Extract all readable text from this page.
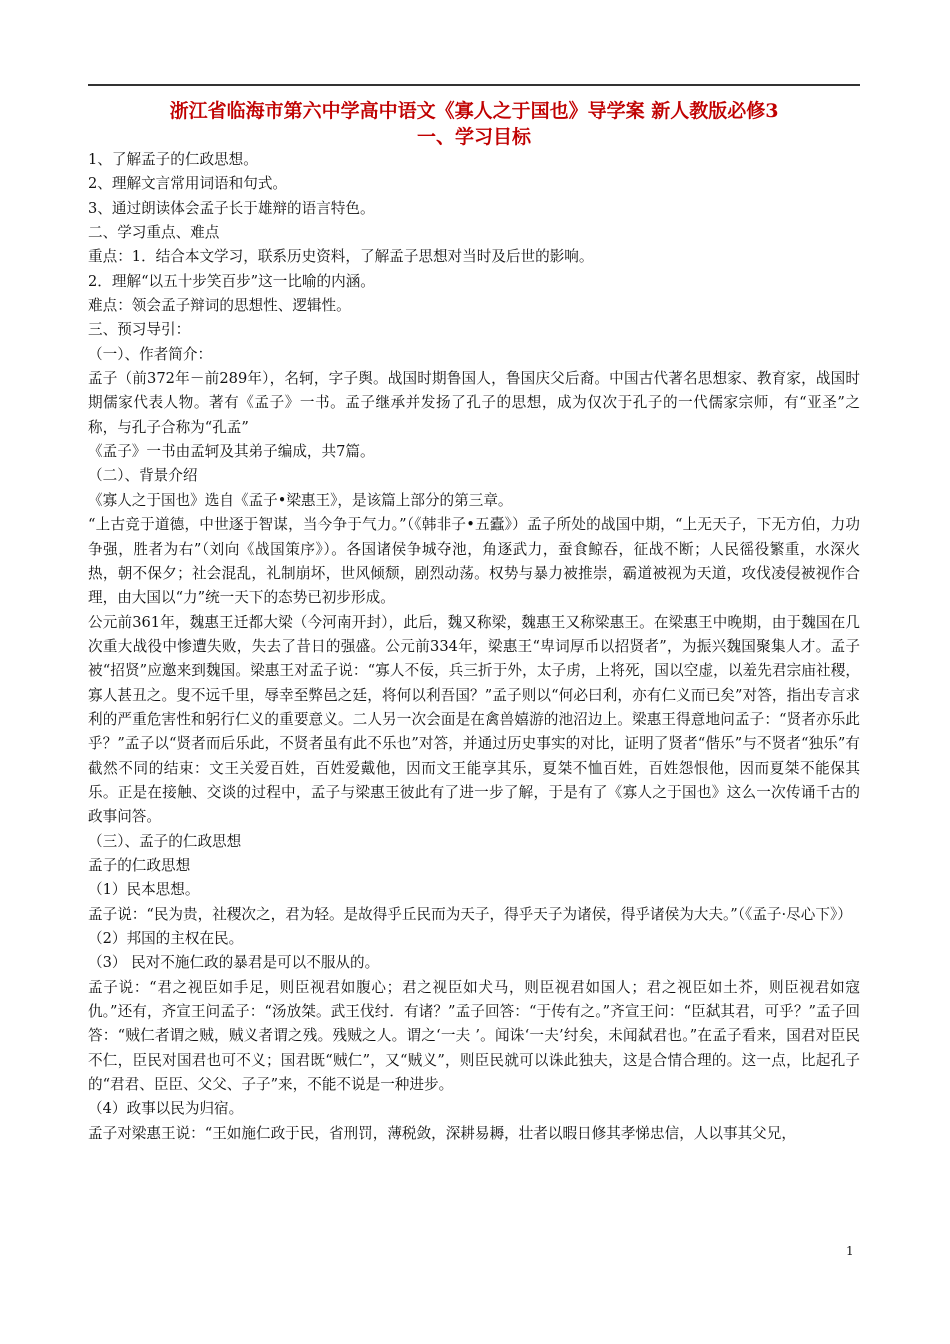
浙江省临海市第六中学高中语文《寡人之于国也》导学案 新人教版必修3
一、学习目标

1、了解孟子的仁政思想。

2、理解文言常用词语和句式。

3、通过朗读体会孟子长于雄辩的语言特色。

二、学习重点、难点

重点：1．结合本文学习，联系历史资料，了解孟子思想对当时及后世的影响。

2．理解“以五十步笑百步”这一比喻的内涵。

难点：领会孟子辩词的思想性、逻辑性。

三、预习导引：

（一）、作者简介：

孟子（前372年－前289年），名轲，字子舆。战国时期鲁国人，鲁国庆父后裔。中国古代著名思想家、教育家，战国时期儒家代表人物。著有《孟子》一书。孟子继承并发扬了孔子的思想，成为仅次于孔子的一代儒家宗师，有“亚圣”之称，与孔子合称为“孔孟”

《孟子》一书由孟轲及其弟子编成，共7篇。

（二）、背景介绍

《寡人之于国也》选自《孟子•梁惠王》，是该篇上部分的第三章。

“上古竞于道德，中世逐于智谋，当今争于气力。”（《韩非子•五蠹》）孟子所处的战国中期，“上无天子，下无方伯，力功争强，胜者为右”（刘向《战国策序》）。各国诸侯争城夺池，角逐武力，蚕食鲸吞，征战不断；人民徭役繁重，水深火热，朝不保夕；社会混乱，礼制崩坏，世风倾颓，剧烈动荡。权势与暴力被推崇，霸道被视为天道，攻伐凌侵被视作合理，由大国以“力”统一天下的态势已初步形成。

公元前361年，魏惠王迁都大梁（今河南开封），此后，魏又称梁，魏惠王又称梁惠王。在梁惠王中晚期，由于魏国在几次重大战役中惨遭失败，失去了昔日的强盛。公元前334年，梁惠王“卑词厚币以招贤者”，为振兴魏国聚集人才。孟子被“招贤”应邀来到魏国。梁惠王对孟子说：“寡人不佞，兵三折于外，太子虏，上将死，国以空虚，以羞先君宗庙社稷，寡人甚丑之。叟不远千里，辱幸至弊邑之廷，将何以利吾国？”孟子则以“何必曰利，亦有仁义而已矣”对答，指出专言求利的严重危害性和躬行仁义的重要意义。二人另一次会面是在禽兽嬉游的池沼边上。梁惠王得意地问孟子：“贤者亦乐此乎？”孟子以“贤者而后乐此，不贤者虽有此不乐也”对答，并通过历史事实的对比，证明了贤者“偕乐”与不贤者“独乐”有截然不同的结束：文王关爱百姓，百姓爱戴他，因而文王能享其乐，夏桀不恤百姓，百姓怨恨他，因而夏桀不能保其乐。正是在接触、交谈的过程中，孟子与梁惠王彼此有了进一步了解，于是有了《寡人之于国也》这么一次传诵千古的政事问答。

（三）、孟子的仁政思想

孟子的仁政思想

（1）民本思想。

孟子说：“民为贵，社稷次之，君为轻。是故得乎丘民而为天子，得乎天子为诸侯，得乎诸侯为大夫。”（《孟子·尽心下》）

（2）邦国的主权在民。

（3） 民对不施仁政的暴君是可以不服从的。

孟子说：“君之视臣如手足，则臣视君如腹心；君之视臣如犬马，则臣视君如国人；君之视臣如土芥，则臣视君如寇仇。”还有，齐宣王问孟子：“汤放桀。武王伐纣．有诸？”孟子回答：“于传有之。”齐宣王问：“臣弑其君，可乎？”孟子回答：“贼仁者谓之贼，贼义者谓之残。残贼之人。谓之‘一夫 ’。闻诛‘一夫’纣矣，未闻弑君也。”在孟子看来，国君对臣民不仁，臣民对国君也可不义；国君既“贼仁”，又“贼义”，则臣民就可以诛此独夫，这是合情合理的。这一点，比起孔子的“君君、臣臣、父父、子子”来，不能不说是一种进步。

（4）政事以民为归宿。

孟子对梁惠王说：“王如施仁政于民，省刑罚，薄税敛，深耕易耨，壮者以暇日修其孝悌忠信，人以事其父兄，

1
